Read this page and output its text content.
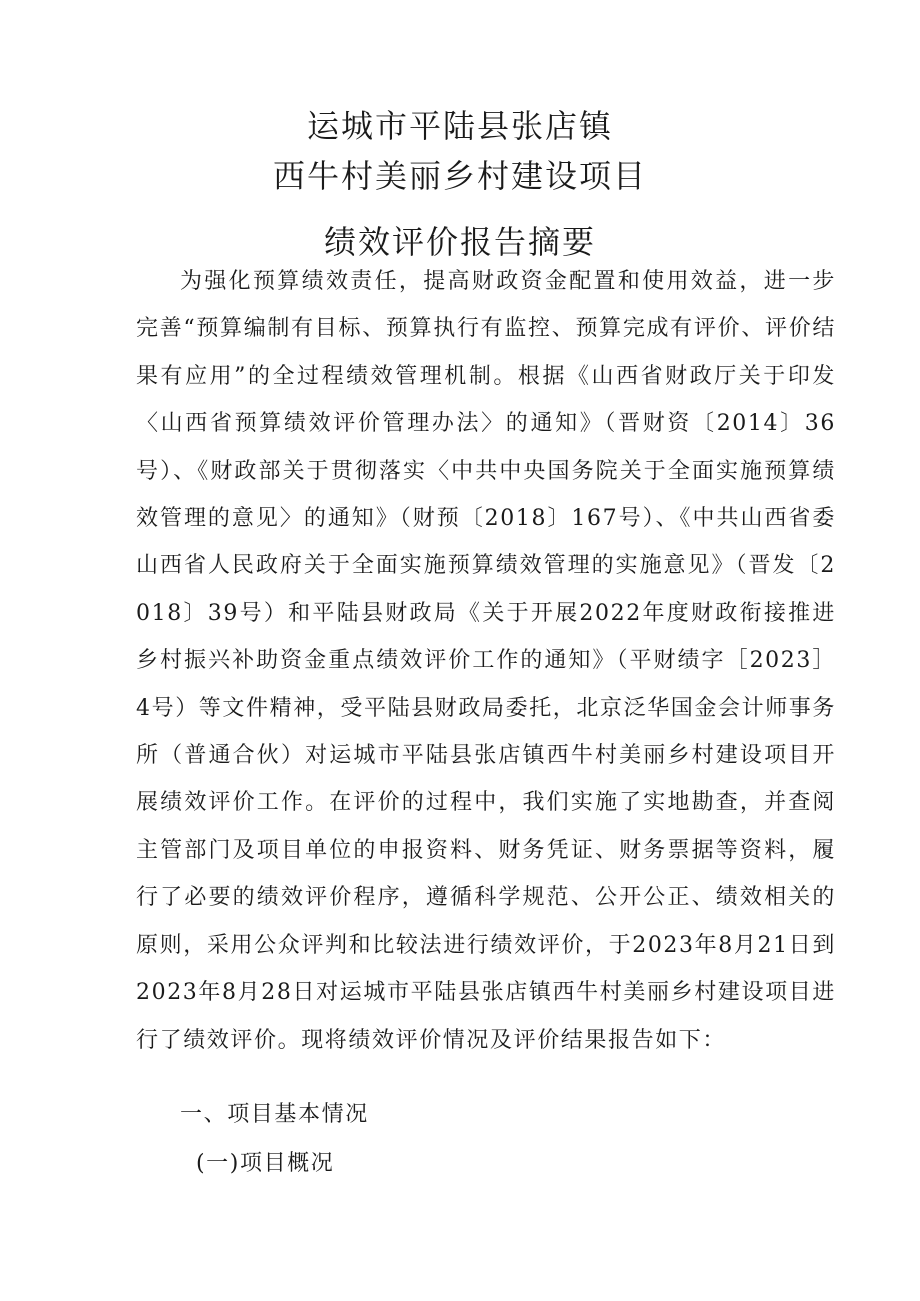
运城市平陆县张店镇
西牛村美丽乡村建设项目
绩效评价报告摘要

为强化预算绩效责任，提高财政资金配置和使用效益，进一步完善“预算编制有目标、预算执行有监控、预算完成有评价、评价结果有应用”的全过程绩效管理机制。根据《山西省财政厅关于印发〈山西省预算绩效评价管理办法〉的通知》（晋财资〔2014〕36号）、《财政部关于贯彻落实〈中共中央国务院关于全面实施预算绩效管理的意见〉的通知》（财预〔2018〕167号）、《中共山西省委山西省人民政府关于全面实施预算绩效管理的实施意见》（晋发〔2018〕39号）和平陆县财政局《关于开展2022年度财政衔接推进乡村振兴补助资金重点绩效评价工作的通知》（平财绩字［2023］4号）等文件精神，受平陆县财政局委托，北京泛华国金会计师事务所（普通合伙）对运城市平陆县张店镇西牛村美丽乡村建设项目开展绩效评价工作。在评价的过程中，我们实施了实地勘查，并查阅主管部门及项目单位的申报资料、财务凭证、财务票据等资料，履行了必要的绩效评价程序，遵循科学规范、公开公正、绩效相关的原则，采用公众评判和比较法进行绩效评价，于2023年8月21日到2023年8月28日对运城市平陆县张店镇西牛村美丽乡村建设项目进行了绩效评价。现将绩效评价情况及评价结果报告如下：

一、项目基本情况

(一)项目概况
